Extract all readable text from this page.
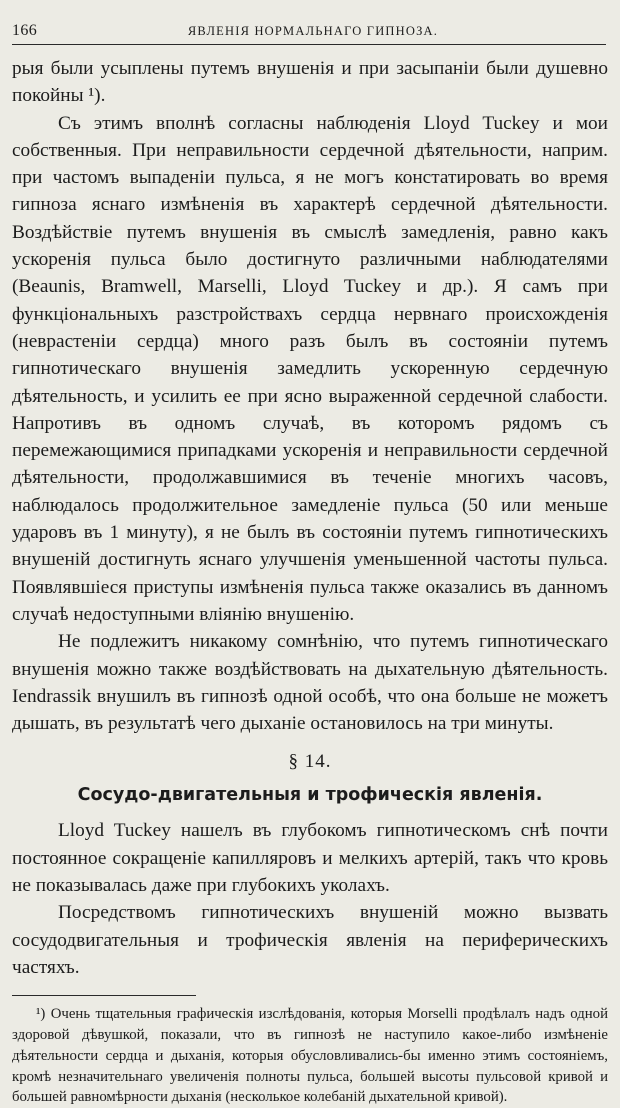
166	ЯВЛЕНІЯ НОРМАЛЬНАГО ГИПНОЗА.

рыя были усыплены путемъ внушенія и при засыпаніи были душевно покойны ¹).

Съ этимъ вполнѣ согласны наблюденія Lloyd Tuckey и мои собственныя. При неправильности сердечной дѣятельности, наприм. при частомъ выпаденіи пульса, я не могъ констатировать во время гипноза яснаго измѣненія въ характерѣ сердечной дѣятельности. Воздѣйствіе путемъ внушенія въ смыслѣ замедленія, равно какъ ускоренія пульса было достигнуто различными наблюдателями (Beaunis, Bramwell, Marselli, Lloyd Tuckey и др.). Я самъ при функціональныхъ разстройствахъ сердца нервнаго происхожденія (неврастеніи сердца) много разъ былъ въ состояніи путемъ гипнотическаго внушенія замедлить ускоренную сердечную дѣятельность, и усилить ее при ясно выраженной сердечной слабости. Напротивъ въ одномъ случаѣ, въ которомъ рядомъ съ перемежающимися припадками ускоренія и неправильности сердечной дѣятельности, продолжавшимися въ теченіе многихъ часовъ, наблюдалось продолжительное замедленіе пульса (50 или меньше ударовъ въ 1 минуту), я не былъ въ состояніи путемъ гипнотическихъ внушеній достигнуть яснаго улучшенія уменьшенной частоты пульса. Появлявшіеся приступы измѣненія пульса также оказались въ данномъ случаѣ недоступными вліянію внушенію.

Не подлежитъ никакому сомнѣнію, что путемъ гипнотическаго внушенія можно также воздѣйствовать на дыхательную дѣятельность. Iendrassik внушилъ въ гипнозѣ одной особѣ, что она больше не можетъ дышать, въ результатѣ чего дыханіе остановилось на три минуты.

§ 14.
Сосудо-двигательныя и трофическія явленія.

Lloyd Tuckey нашелъ въ глубокомъ гипнотическомъ снѣ почти постоянное сокращеніе капилляровъ и мелкихъ артерій, такъ что кровь не показывалась даже при глубокихъ уколахъ.

Посредствомъ гипнотическихъ внушеній можно вызвать сосудодвигательныя и трофическія явленія на периферическихъ частяхъ.

¹) Очень тщательныя графическія изслѣдованія, которыя Morselli продѣлалъ надъ одной здоровой дѣвушкой, показали, что въ гипнозѣ не наступило какое-либо измѣненіе дѣятельности сердца и дыханія, которыя обусловливались-бы именно этимъ состояніемъ, кромѣ незначительнаго увеличенія полноты пульса, большей высоты пульсовой кривой и большей равномѣрности дыханія (несколькое колебаній дыхательной кривой).
